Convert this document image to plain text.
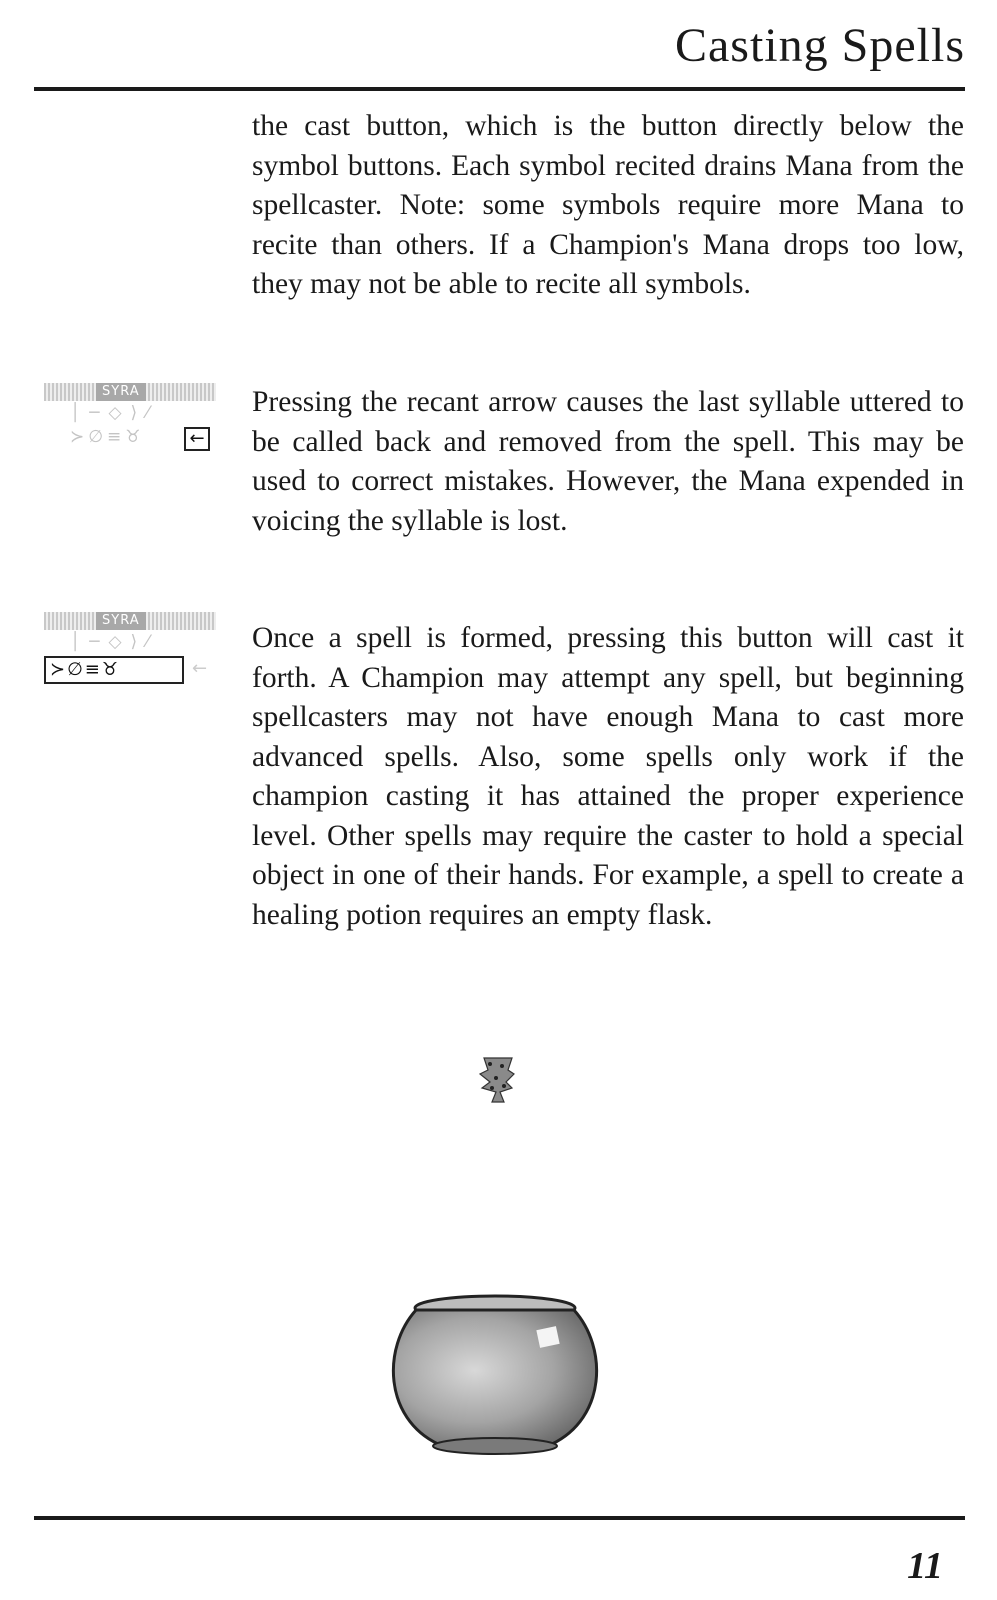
Casting Spells
SYRA
│─◇⟩⁄
≻∅≡♉	←
the cast button, which is the button directly below the symbol buttons. Each symbol recited drains Mana from the spellcaster. Note: some symbols require more Mana to recite than others. If a Champion's Mana drops too low, they may not be able to recite all symbols.
Pressing the recant arrow causes the last syllable uttered to be called back and removed from the spell. This may be used to correct mistakes. However, the Mana expended in voicing the syllable is lost.
SYRA
│─◇⟩⁄
≻∅≡♉	←
Once a spell is formed, pressing this button will cast it forth. A Champion may attempt any spell, but beginning spellcasters may not have enough Mana to cast more advanced spells. Also, some spells only work if the champion casting it has attained the proper experience level. Other spells may require the caster to hold a special object in one of their hands. For example, a spell to create a healing potion requires an empty flask.
11
